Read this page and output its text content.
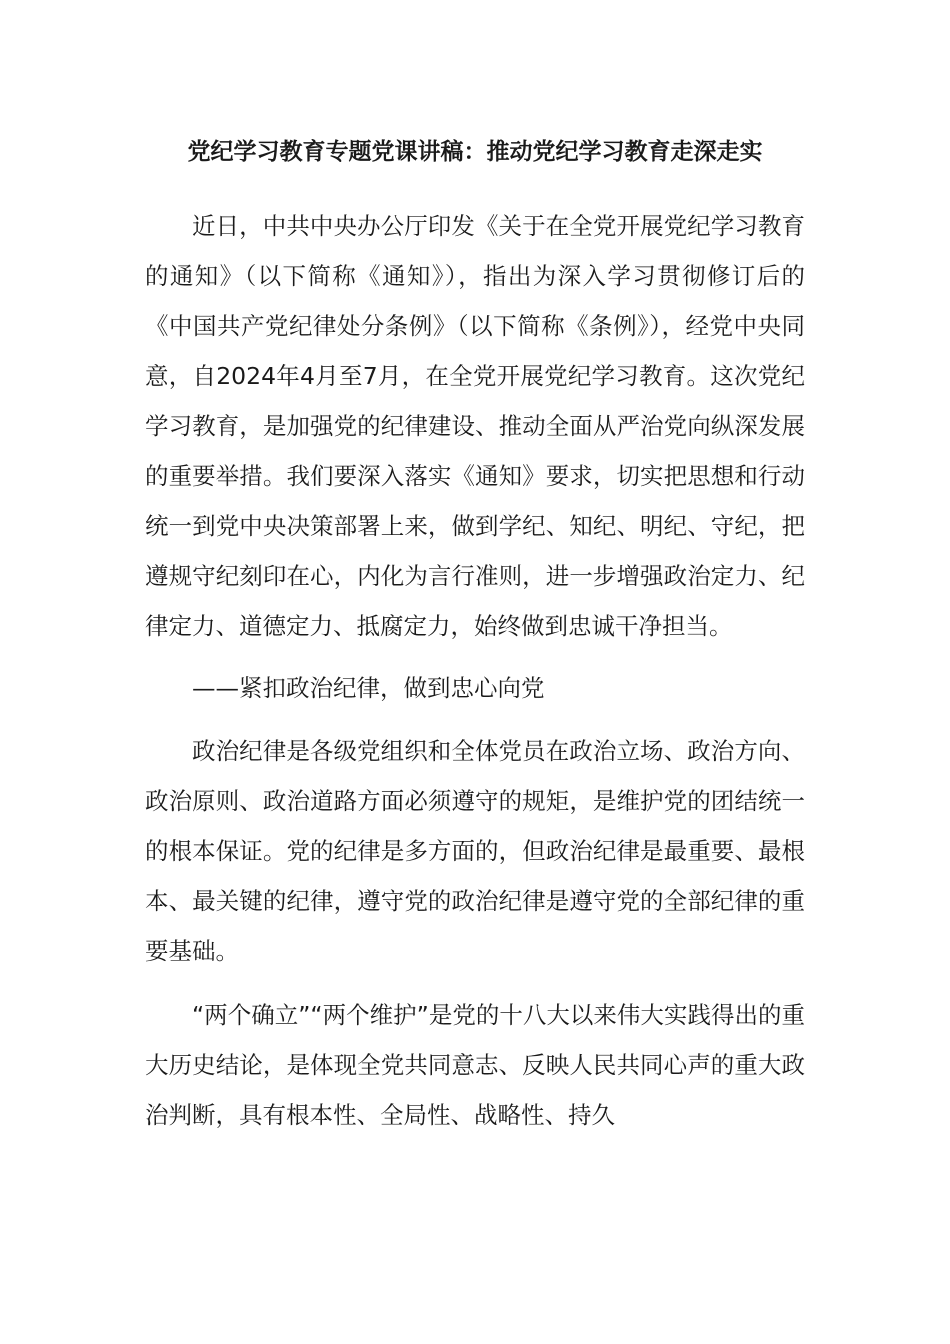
党纪学习教育专题党课讲稿：推动党纪学习教育走深走实

近日，中共中央办公厅印发《关于在全党开展党纪学习教育的通知》（以下简称《通知》），指出为深入学习贯彻修订后的《中国共产党纪律处分条例》（以下简称《条例》），经党中央同意，自2024年4月至7月，在全党开展党纪学习教育。这次党纪学习教育，是加强党的纪律建设、推动全面从严治党向纵深发展的重要举措。我们要深入落实《通知》要求，切实把思想和行动统一到党中央决策部署上来，做到学纪、知纪、明纪、守纪，把遵规守纪刻印在心，内化为言行准则，进一步增强政治定力、纪律定力、道德定力、抵腐定力，始终做到忠诚干净担当。

——紧扣政治纪律，做到忠心向党

政治纪律是各级党组织和全体党员在政治立场、政治方向、政治原则、政治道路方面必须遵守的规矩，是维护党的团结统一的根本保证。党的纪律是多方面的，但政治纪律是最重要、最根本、最关键的纪律，遵守党的政治纪律是遵守党的全部纪律的重要基础。

“两个确立”“两个维护”是党的十八大以来伟大实践得出的重大历史结论，是体现全党共同意志、反映人民共同心声的重大政治判断，具有根本性、全局性、战略性、持久
